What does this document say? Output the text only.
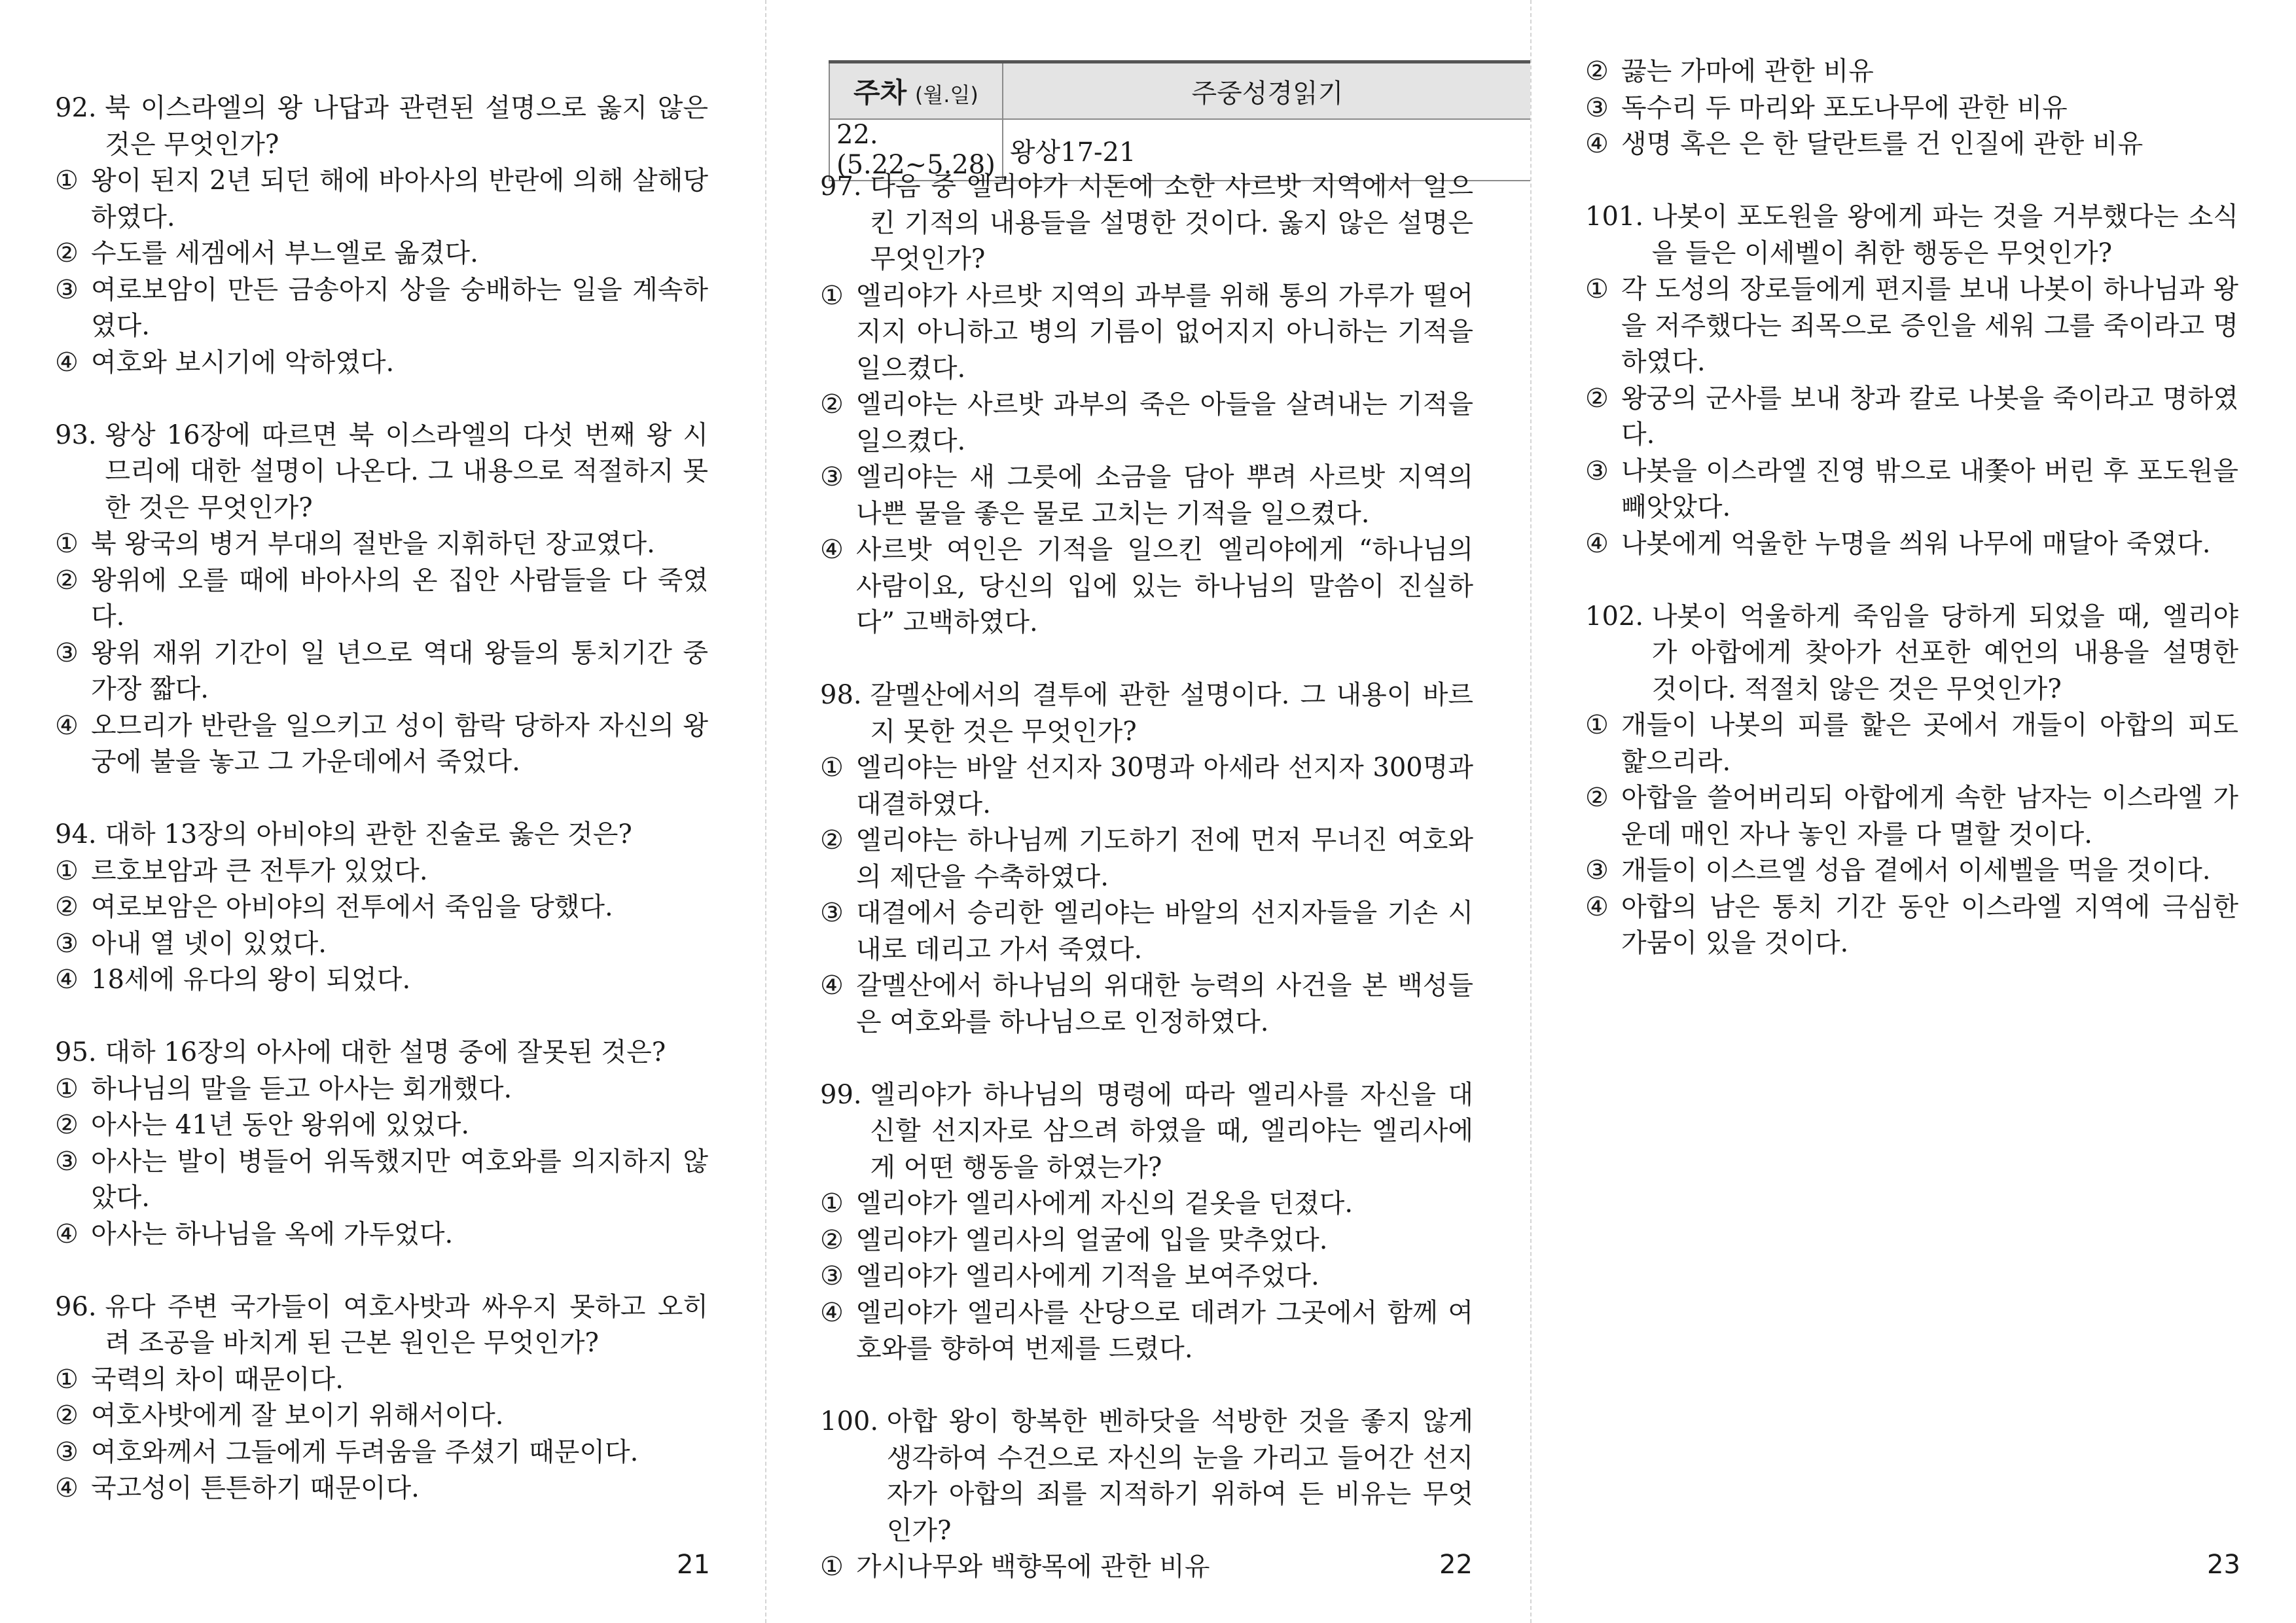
92. 북 이스라엘의 왕 나답과 관련된 설명으로 옳지 않은 것은 무엇인가?
① 왕이 된지 2년 되던 해에 바아사의 반란에 의해 살해당하였다.
② 수도를 세겜에서 부느엘로 옮겼다.
③ 여로보암이 만든 금송아지 상을 숭배하는 일을 계속하였다.
④ 여호와 보시기에 악하였다.
93. 왕상 16장에 따르면 북 이스라엘의 다섯 번째 왕 시므리에 대한 설명이 나온다. 그 내용으로 적절하지 못한 것은 무엇인가?
① 북 왕국의 병거 부대의 절반을 지휘하던 장교였다.
② 왕위에 오를 때에 바아사의 온 집안 사람들을 다 죽였다.
③ 왕위 재위 기간이 일 년으로 역대 왕들의 통치기간 중 가장 짧다.
④ 오므리가 반란을 일으키고 성이 함락 당하자 자신의 왕궁에 불을 놓고 그 가운데에서 죽었다.
94. 대하 13장의 아비야의 관한 진술로 옳은 것은?
① 르호보암과 큰 전투가 있었다.
② 여로보암은 아비야의 전투에서 죽임을 당했다.
③ 아내 열 넷이 있었다.
④ 18세에 유다의 왕이 되었다.
95. 대하 16장의 아사에 대한 설명 중에 잘못된 것은?
① 하나님의 말을 듣고 아사는 회개했다.
② 아사는 41년 동안 왕위에 있었다.
③ 아사는 발이 병들어 위독했지만 여호와를 의지하지 않았다.
④ 아사는 하나님을 옥에 가두었다.
96. 유다 주변 국가들이 여호사밧과 싸우지 못하고 오히려 조공을 바치게 된 근본 원인은 무엇인가?
① 국력의 차이 때문이다.
② 여호사밧에게 잘 보이기 위해서이다.
③ 여호와께서 그들에게 두려움을 주셨기 때문이다.
④ 국고성이 튼튼하기 때문이다.
21
주차 (월.일)	주중성경읽기
22. (5.22~5.28)	왕상17-21
97. 다음 중 엘리야가 시돈에 소한 사르밧 지역에서 일으킨 기적의 내용들을 설명한 것이다. 옳지 않은 설명은 무엇인가?
① 엘리야가 사르밧 지역의 과부를 위해 통의 가루가 떨어지지 아니하고 병의 기름이 없어지지 아니하는 기적을 일으켰다.
② 엘리야는 사르밧 과부의 죽은 아들을 살려내는 기적을 일으켰다.
③ 엘리야는 새 그릇에 소금을 담아 뿌려 사르밧 지역의 나쁜 물을 좋은 물로 고치는 기적을 일으켰다.
④ 사르밧 여인은 기적을 일으킨 엘리야에게 “하나님의 사람이요, 당신의 입에 있는 하나님의 말씀이 진실하다” 고백하였다.
98. 갈멜산에서의 결투에 관한 설명이다. 그 내용이 바르지 못한 것은 무엇인가?
① 엘리야는 바알 선지자 30명과 아세라 선지자 300명과 대결하였다.
② 엘리야는 하나님께 기도하기 전에 먼저 무너진 여호와의 제단을 수축하였다.
③ 대결에서 승리한 엘리야는 바알의 선지자들을 기손 시내로 데리고 가서 죽였다.
④ 갈멜산에서 하나님의 위대한 능력의 사건을 본 백성들은 여호와를 하나님으로 인정하였다.
99. 엘리야가 하나님의 명령에 따라 엘리사를 자신을 대신할 선지자로 삼으려 하였을 때, 엘리야는 엘리사에게 어떤 행동을 하였는가?
① 엘리야가 엘리사에게 자신의 겉옷을 던졌다.
② 엘리야가 엘리사의 얼굴에 입을 맞추었다.
③ 엘리야가 엘리사에게 기적을 보여주었다.
④ 엘리야가 엘리사를 산당으로 데려가 그곳에서 함께 여호와를 향하여 번제를 드렸다.
100. 아합 왕이 항복한 벤하닷을 석방한 것을 좋지 않게 생각하여 수건으로 자신의 눈을 가리고 들어간 선지자가 아합의 죄를 지적하기 위하여 든 비유는 무엇인가?
① 가시나무와 백향목에 관한 비유	22
② 끓는 가마에 관한 비유
③ 독수리 두 마리와 포도나무에 관한 비유
④ 생명 혹은 은 한 달란트를 건 인질에 관한 비유
101. 나봇이 포도원을 왕에게 파는 것을 거부했다는 소식을 들은 이세벨이 취한 행동은 무엇인가?
① 각 도성의 장로들에게 편지를 보내 나봇이 하나님과 왕을 저주했다는 죄목으로 증인을 세워 그를 죽이라고 명하였다.
② 왕궁의 군사를 보내 창과 칼로 나봇을 죽이라고 명하였다.
③ 나봇을 이스라엘 진영 밖으로 내쫓아 버린 후 포도원을 빼앗았다.
④ 나봇에게 억울한 누명을 씌워 나무에 매달아 죽였다.
102. 나봇이 억울하게 죽임을 당하게 되었을 때, 엘리야가 아합에게 찾아가 선포한 예언의 내용을 설명한 것이다. 적절치 않은 것은 무엇인가?
① 개들이 나봇의 피를 핥은 곳에서 개들이 아합의 피도 핥으리라.
② 아합을 쓸어버리되 아합에게 속한 남자는 이스라엘 가운데 매인 자나 놓인 자를 다 멸할 것이다.
③ 개들이 이스르엘 성읍 곁에서 이세벨을 먹을 것이다.
④ 아합의 남은 통치 기간 동안 이스라엘 지역에 극심한 가뭄이 있을 것이다.
23
